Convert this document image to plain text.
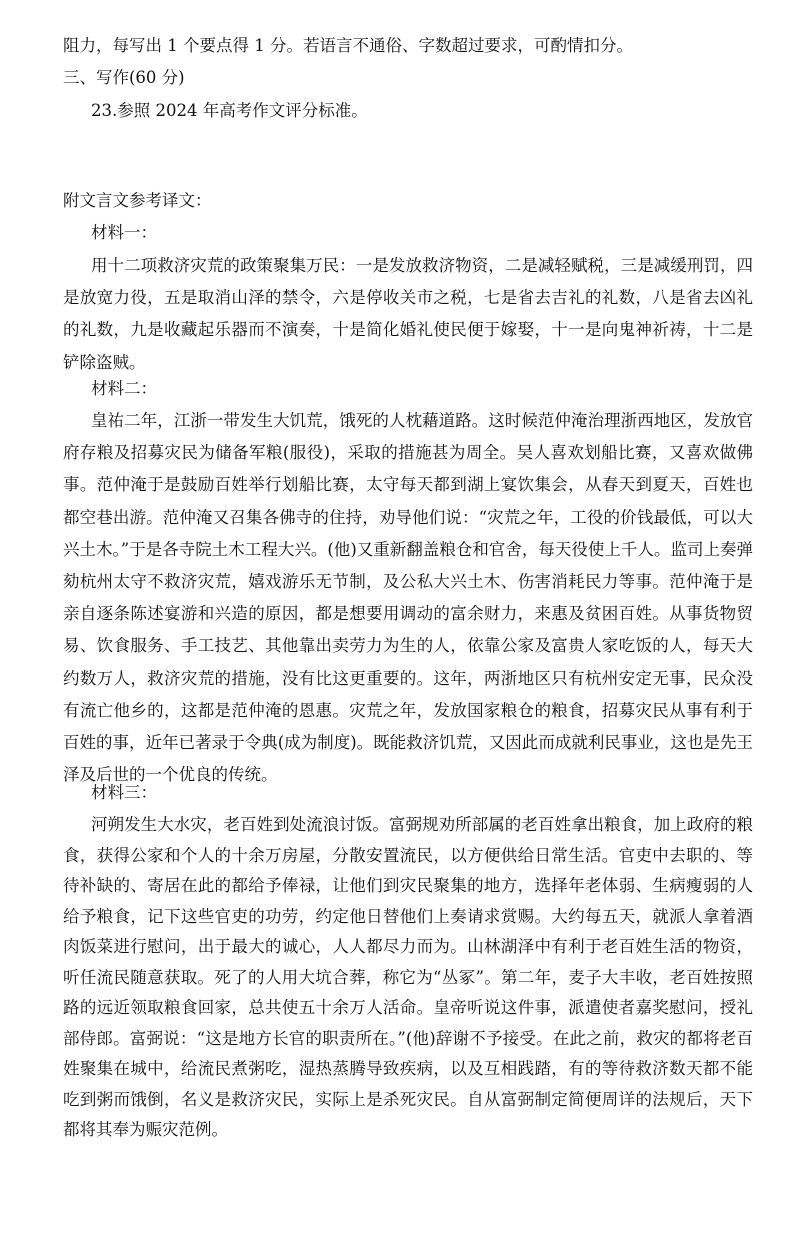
阻力，每写出 1 个要点得 1 分。若语言不通俗、字数超过要求，可酌情扣分。
三、写作(60 分)
23.参照 2024 年高考作文评分标准。
附文言文参考译文：
材料一：

用十二项救济灾荒的政策聚集万民：一是发放救济物资，二是减轻赋税，三是减缓刑罚，四是放宽力役，五是取消山泽的禁令，六是停收关市之税，七是省去吉礼的礼数，八是省去凶礼的礼数，九是收藏起乐器而不演奏，十是简化婚礼使民便于嫁娶，十一是向鬼神祈祷，十二是铲除盗贼。

材料二：

皇祐二年，江浙一带发生大饥荒，饿死的人枕藉道路。这时候范仲淹治理浙西地区，发放官府存粮及招募灾民为储备军粮(服役)，采取的措施甚为周全。吴人喜欢划船比赛，又喜欢做佛事。范仲淹于是鼓励百姓举行划船比赛，太守每天都到湖上宴饮集会，从春天到夏天，百姓也都空巷出游。范仲淹又召集各佛寺的住持，劝导他们说：“灾荒之年，工役的价钱最低，可以大兴土木。”于是各寺院土木工程大兴。(他)又重新翻盖粮仓和官舍，每天役使上千人。监司上奏弹劾杭州太守不救济灾荒，嬉戏游乐无节制，及公私大兴土木、伤害消耗民力等事。范仲淹于是亲自逐条陈述宴游和兴造的原因，都是想要用调动的富余财力，来惠及贫困百姓。从事货物贸易、饮食服务、手工技艺、其他靠出卖劳力为生的人，依靠公家及富贵人家吃饭的人，每天大约数万人，救济灾荒的措施，没有比这更重要的。这年，两浙地区只有杭州安定无事，民众没有流亡他乡的，这都是范仲淹的恩惠。灾荒之年，发放国家粮仓的粮食，招募灾民从事有利于百姓的事，近年已著录于令典(成为制度)。既能救济饥荒，又因此而成就利民事业，这也是先王泽及后世的一个优良的传统。

材料三：

河朔发生大水灾，老百姓到处流浪讨饭。富弼规劝所部属的老百姓拿出粮食，加上政府的粮食，获得公家和个人的十余万房屋，分散安置流民，以方便供给日常生活。官吏中去职的、等待补缺的、寄居在此的都给予俸禄，让他们到灾民聚集的地方，选择年老体弱、生病瘦弱的人给予粮食，记下这些官吏的功劳，约定他日替他们上奏请求赏赐。大约每五天，就派人拿着酒肉饭菜进行慰问，出于最大的诚心，人人都尽力而为。山林湖泽中有利于老百姓生活的物资，听任流民随意获取。死了的人用大坑合葬，称它为“丛冢”。第二年，麦子大丰收，老百姓按照路的远近领取粮食回家，总共使五十余万人活命。皇帝听说这件事，派遣使者嘉奖慰问，授礼部侍郎。富弼说：“这是地方长官的职责所在。”(他)辞谢不予接受。在此之前，救灾的都将老百姓聚集在城中，给流民煮粥吃，湿热蒸腾导致疾病，以及互相践踏，有的等待救济数天都不能吃到粥而饿倒，名义是救济灾民，实际上是杀死灾民。自从富弼制定简便周详的法规后，天下都将其奉为赈灾范例。
